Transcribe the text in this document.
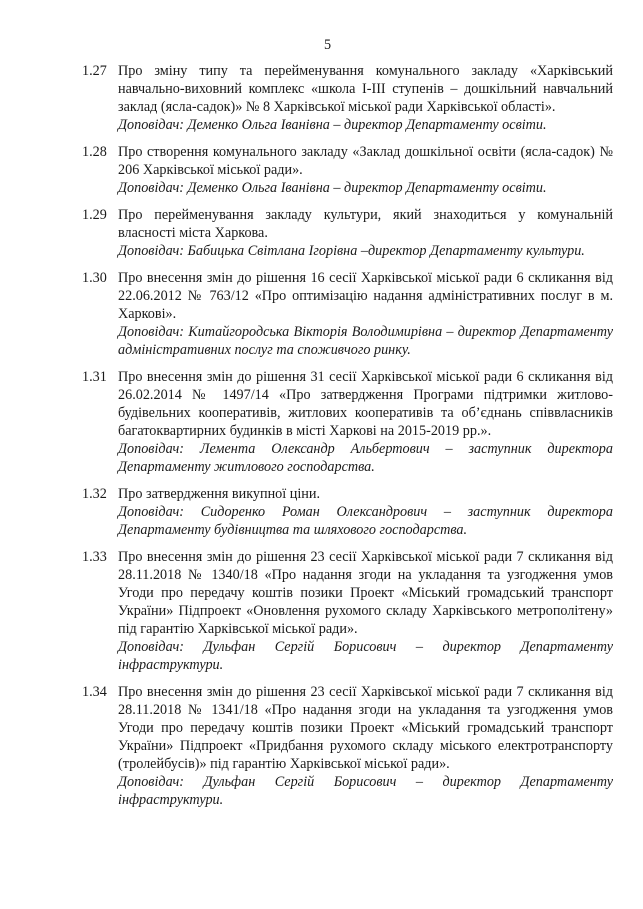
5
1.27 Про зміну типу та перейменування комунального закладу «Харківський навчально-виховний комплекс «школа І-ІІІ ступенів – дошкільний навчальний заклад (ясла-садок)» № 8 Харківської міської ради Харківської області».
Доповідач: Деменко Ольга Іванівна – директор Департаменту освіти.
1.28 Про створення комунального закладу «Заклад дошкільної освіти (ясла-садок) № 206 Харківської міської ради».
Доповідач: Деменко Ольга Іванівна – директор Департаменту освіти.
1.29 Про перейменування закладу культури, який знаходиться у комунальній власності міста Харкова.
Доповідач: Бабицька Світлана Ігорівна –директор Департаменту культури.
1.30 Про внесення змін до рішення 16 сесії Харківської міської ради 6 скликання від 22.06.2012 № 763/12 «Про оптимізацію надання адміністративних послуг в м. Харкові».
Доповідач: Китайгородська Вікторія Володимирівна – директор Департаменту адміністративних послуг та споживчого ринку.
1.31 Про внесення змін до рішення 31 сесії Харківської міської ради 6 скликання від 26.02.2014 № 1497/14 «Про затвердження Програми підтримки житлово-будівельних кооперативів, житлових кооперативів та об’єднань співвласників багатоквартирних будинків в місті Харкові на 2015-2019 рр.».
Доповідач: Лемента Олександр Альбертович – заступник директора Департаменту житлового господарства.
1.32 Про затвердження викупної ціни.
Доповідач: Сидоренко Роман Олександрович – заступник директора Департаменту будівництва та шляхового господарства.
1.33 Про внесення змін до рішення 23 сесії Харківської міської ради 7 скликання від 28.11.2018 № 1340/18 «Про надання згоди на укладання та узгодження умов Угоди про передачу коштів позики Проект «Міський громадський транспорт України» Підпроект «Оновлення рухомого складу Харківського метрополітену» під гарантію Харківської міської ради».
Доповідач: Дульфан Сергій Борисович – директор Департаменту інфраструктури.
1.34 Про внесення змін до рішення 23 сесії Харківської міської ради 7 скликання від 28.11.2018 № 1341/18 «Про надання згоди на укладання та узгодження умов Угоди про передачу коштів позики Проект «Міський громадський транспорт України» Підпроект «Придбання рухомого складу міського електротранспорту (тролейбусів)» під гарантію Харківської міської ради».
Доповідач: Дульфан Сергій Борисович – директор Департаменту інфраструктури.
